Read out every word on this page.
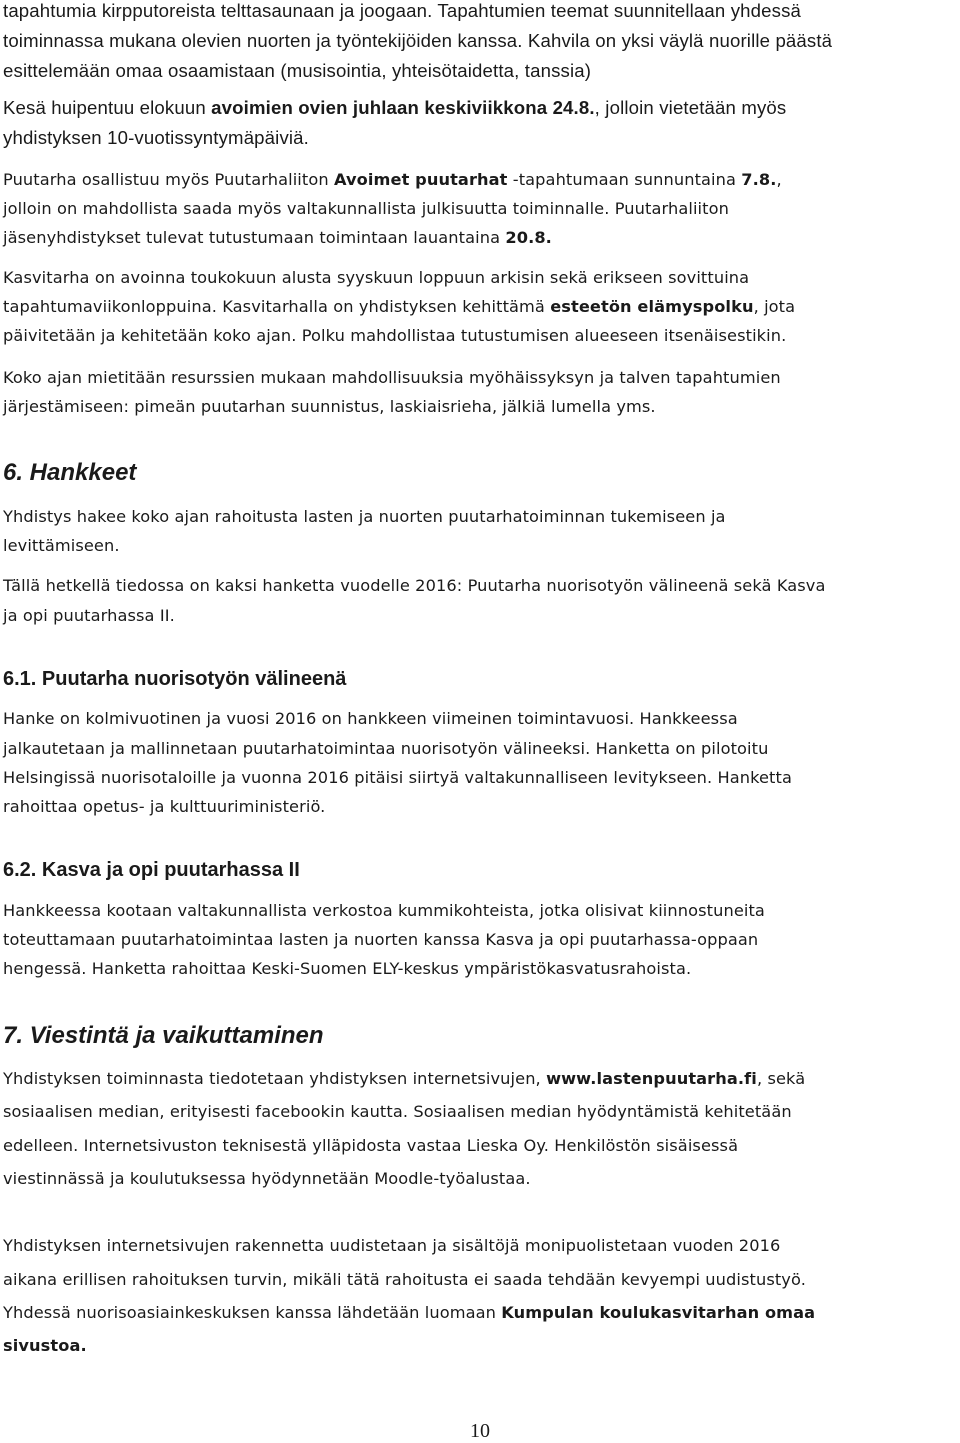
tapahtumia kirpputoreista telttasaunaan ja joogaan. Tapahtumien teemat suunnitellaan yhdessä

toiminnassa mukana olevien nuorten ja työntekijöiden kanssa. Kahvila on yksi väylä nuorille päästä

esittelemään omaa osaamistaan (musisointia, yhteisötaidetta, tanssia)

Kesä huipentuu elokuun avoimien ovien juhlaan keskiviikkona 24.8., jolloin vietetään myös

yhdistyksen 10-vuotissyntymäpäiviä.

Puutarha osallistuu myös Puutarhaliiton Avoimet puutarhat -tapahtumaan sunnuntaina 7.8.,

jolloin on mahdollista saada myös valtakunnallista julkisuutta toiminnalle. Puutarhaliiton

jäsenyhdistykset tulevat tutustumaan toimintaan lauantaina 20.8.

Kasvitarha on avoinna toukokuun alusta syyskuun loppuun arkisin sekä erikseen sovittuina

tapahtumaviikonloppuina. Kasvitarhalla on yhdistyksen kehittämä esteetön elämyspolku, jota

päivitetään ja kehitetään koko ajan. Polku mahdollistaa tutustumisen alueeseen itsenäisestikin.

Koko ajan mietitään resurssien mukaan mahdollisuuksia myöhäissyksyn ja talven tapahtumien

järjestämiseen: pimeän puutarhan suunnistus, laskiaisrieha, jälkiä lumella yms.

6. Hankkeet

Yhdistys hakee koko ajan rahoitusta lasten ja nuorten puutarhatoiminnan tukemiseen ja

levittämiseen.

Tällä hetkellä tiedossa on kaksi hanketta vuodelle 2016: Puutarha nuorisotyön välineenä sekä Kasva

ja opi puutarhassa II.

6.1. Puutarha nuorisotyön välineenä

Hanke on kolmivuotinen ja vuosi 2016 on hankkeen viimeinen toimintavuosi. Hankkeessa

jalkautetaan ja mallinnetaan puutarhatoimintaa nuorisotyön välineeksi. Hanketta on pilotoitu

Helsingissä nuorisotaloille ja vuonna 2016 pitäisi siirtyä valtakunnalliseen levitykseen. Hanketta

rahoittaa opetus- ja kulttuuriministeriö.

6.2. Kasva ja opi puutarhassa II

Hankkeessa kootaan valtakunnallista verkostoa kummikohteista, jotka olisivat kiinnostuneita

toteuttamaan puutarhatoimintaa lasten ja nuorten kanssa Kasva ja opi puutarhassa-oppaan

hengessä. Hanketta rahoittaa Keski-Suomen ELY-keskus ympäristökasvatusrahoista.

7. Viestintä ja vaikuttaminen

Yhdistyksen toiminnasta tiedotetaan yhdistyksen internetsivujen, www.lastenpuutarha.fi, sekä

sosiaalisen median, erityisesti facebookin kautta. Sosiaalisen median hyödyntämistä kehitetään

edelleen. Internetsivuston teknisestä ylläpidosta vastaa Lieska Oy. Henkilöstön sisäisessä

viestinnässä ja koulutuksessa hyödynnetään Moodle-työalustaa.

Yhdistyksen internetsivujen rakennetta uudistetaan ja sisältöjä monipuolistetaan vuoden 2016

aikana erillisen rahoituksen turvin, mikäli tätä rahoitusta ei saada tehdään kevyempi uudistustyö.

Yhdessä nuorisoasiainkeskuksen kanssa lähdetään luomaan Kumpulan koulukasvitarhan omaa

sivustoa.

10
